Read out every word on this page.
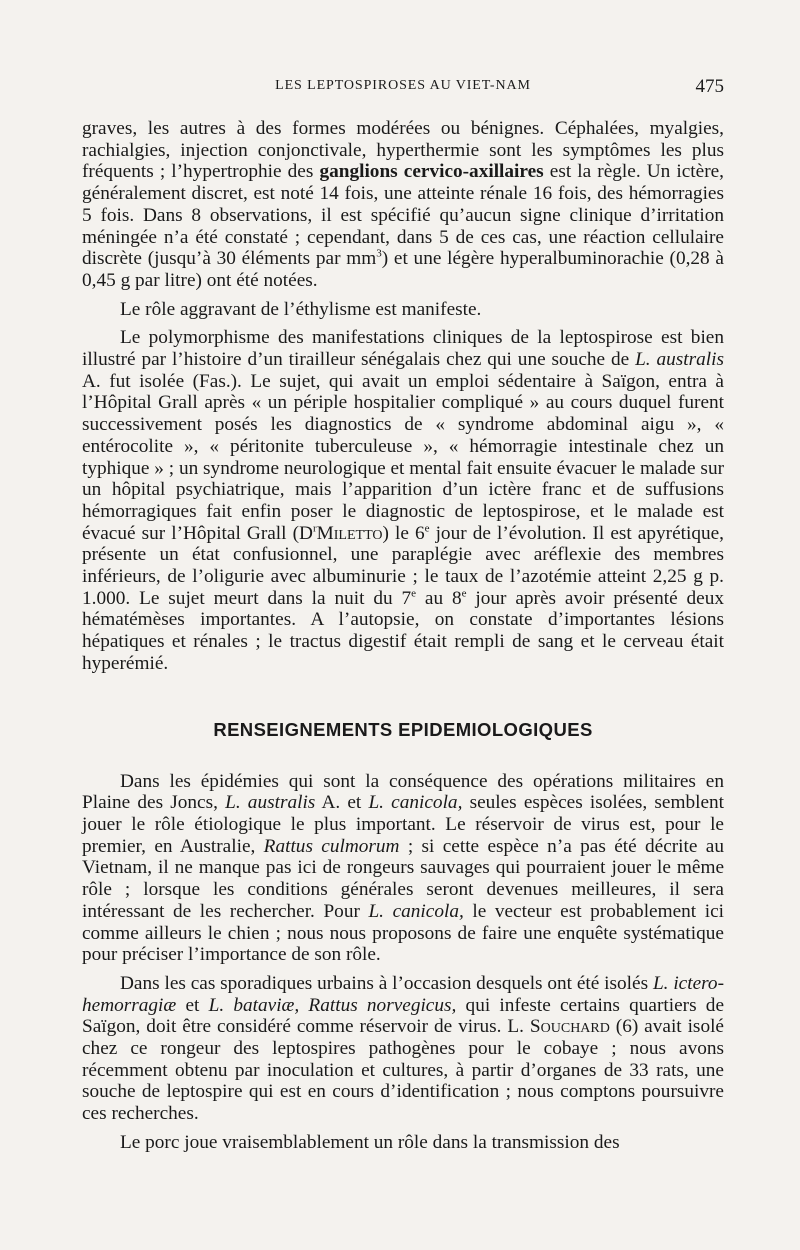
LES LEPTOSPIROSES AU VIET-NAM	475

graves, les autres à des formes modérées ou bénignes. Céphalées, myalgies, rachialgies, injection conjonctivale, hyperthermie sont les symptômes les plus fréquents ; l’hypertrophie des ganglions cervico-axillaires est la règle. Un ictère, généralement discret, est noté 14 fois, une atteinte rénale 16 fois, des hémorragies 5 fois. Dans 8 observations, il est spécifié qu’aucun signe clinique d’irritation méningée n’a été constaté ; cependant, dans 5 de ces cas, une réaction cellulaire discrète (jusqu’à 30 éléments par $mm^3$) et une légère hyperalbuminorachie (0,28 à 0,45 g par litre) ont été notées.

Le rôle aggravant de l’éthylisme est manifeste.

Le polymorphisme des manifestations cliniques de la leptospirose est bien illustré par l’histoire d’un tirailleur sénégalais chez qui une souche de L. australis A. fut isolée (Fas.). Le sujet, qui avait un emploi sédentaire à Saïgon, entra à l’Hôpital Grall après « un périple hospitalier compliqué » au cours duquel furent successivement posés les diagnostics de « syndrome abdominal aigu », « entérocolite », « péritonite tuberculeuse », « hémorragie intestinale chez un typhique » ; un syndrome neurologique et mental fait ensuite évacuer le malade sur un hôpital psychiatrique, mais l’apparition d’un ictère franc et de suffusions hémorragiques fait enfin poser le diagnostic de leptospirose, et le malade est évacué sur l’Hôpital Grall $(D^rMiletto)$ le 6e jour de l’évolution. Il est apyrétique, présente un état confusionnel, une paraplégie avec aréflexie des membres inférieurs, de l’oligurie avec albuminurie ; le taux de l’azotémie atteint 2,25 g p. 1.000. Le sujet meurt dans la nuit du 7e au 8e jour après avoir présenté deux hématémèses importantes. A l’autopsie, on constate d’importantes lésions hépatiques et rénales ; le tractus digestif était rempli de sang et le cerveau était hyperémié.

RENSEIGNEMENTS EPIDEMIOLOGIQUES

Dans les épidémies qui sont la conséquence des opérations militaires en Plaine des Joncs, L. australis A. et L. canicola, seules espèces isolées, semblent jouer le rôle étiologique le plus important. Le réservoir de virus est, pour le premier, en Australie, Rattus culmorum ; si cette espèce n’a pas été décrite au Vietnam, il ne manque pas ici de rongeurs sauvages qui pourraient jouer le même rôle ; lorsque les conditions générales seront devenues meilleures, il sera intéressant de les rechercher. Pour L. canicola, le vecteur est probablement ici comme ailleurs le chien ; nous nous proposons de faire une enquête systématique pour préciser l’importance de son rôle.

Dans les cas sporadiques urbains à l’occasion desquels ont été isolés L. ictero-hemorragiæ et L. bataviæ, Rattus norvegicus, qui infeste certains quartiers de Saïgon, doit être considéré comme réservoir de virus. L. Souchard (6) avait isolé chez ce rongeur des leptospires pathogènes pour le cobaye ; nous avons récemment obtenu par inoculation et cultures, à partir d’organes de 33 rats, une souche de leptospire qui est en cours d’identification ; nous comptons poursuivre ces recherches.

Le porc joue vraisemblablement un rôle dans la transmission des
